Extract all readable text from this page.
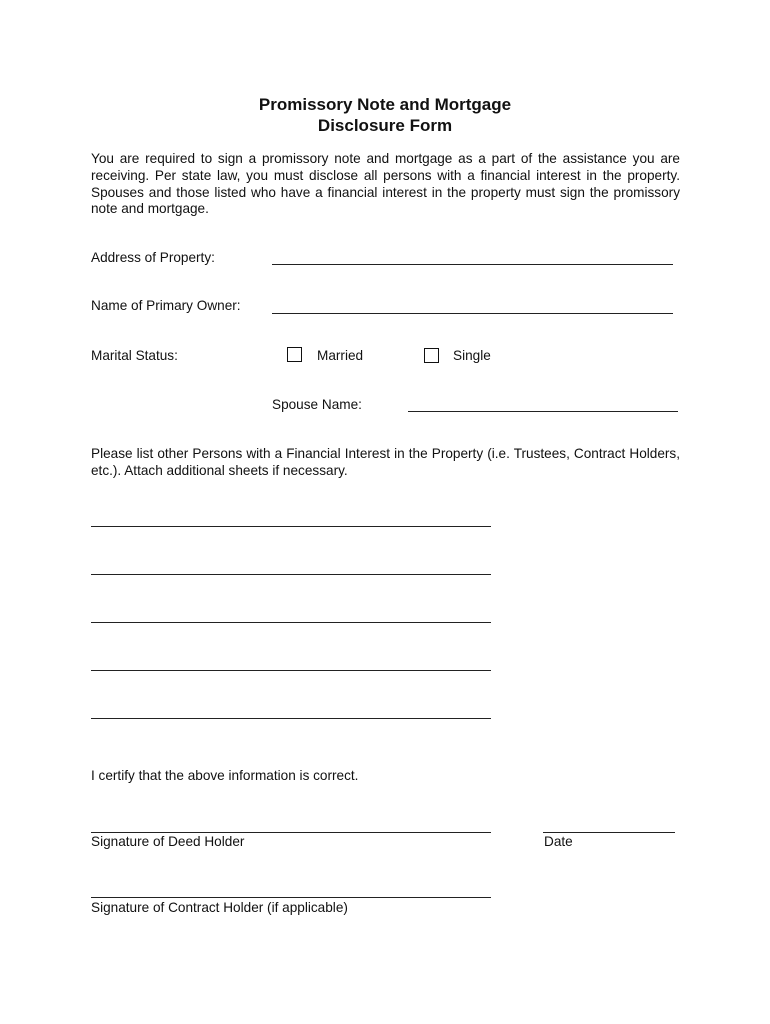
Promissory Note and Mortgage
Disclosure Form
You are required to sign a promissory note and mortgage as a part of the assistance you are receiving. Per state law, you must disclose all persons with a financial interest in the property. Spouses and those listed who have a financial interest in the property must sign the promissory note and mortgage.
Address of Property:
Name of Primary Owner:
Marital Status:	Married	Single
Spouse Name:
Please list other Persons with a Financial Interest in the Property (i.e. Trustees, Contract Holders, etc.). Attach additional sheets if necessary.
I certify that the above information is correct.
Signature of Deed Holder	Date
Signature of Contract Holder (if applicable)
